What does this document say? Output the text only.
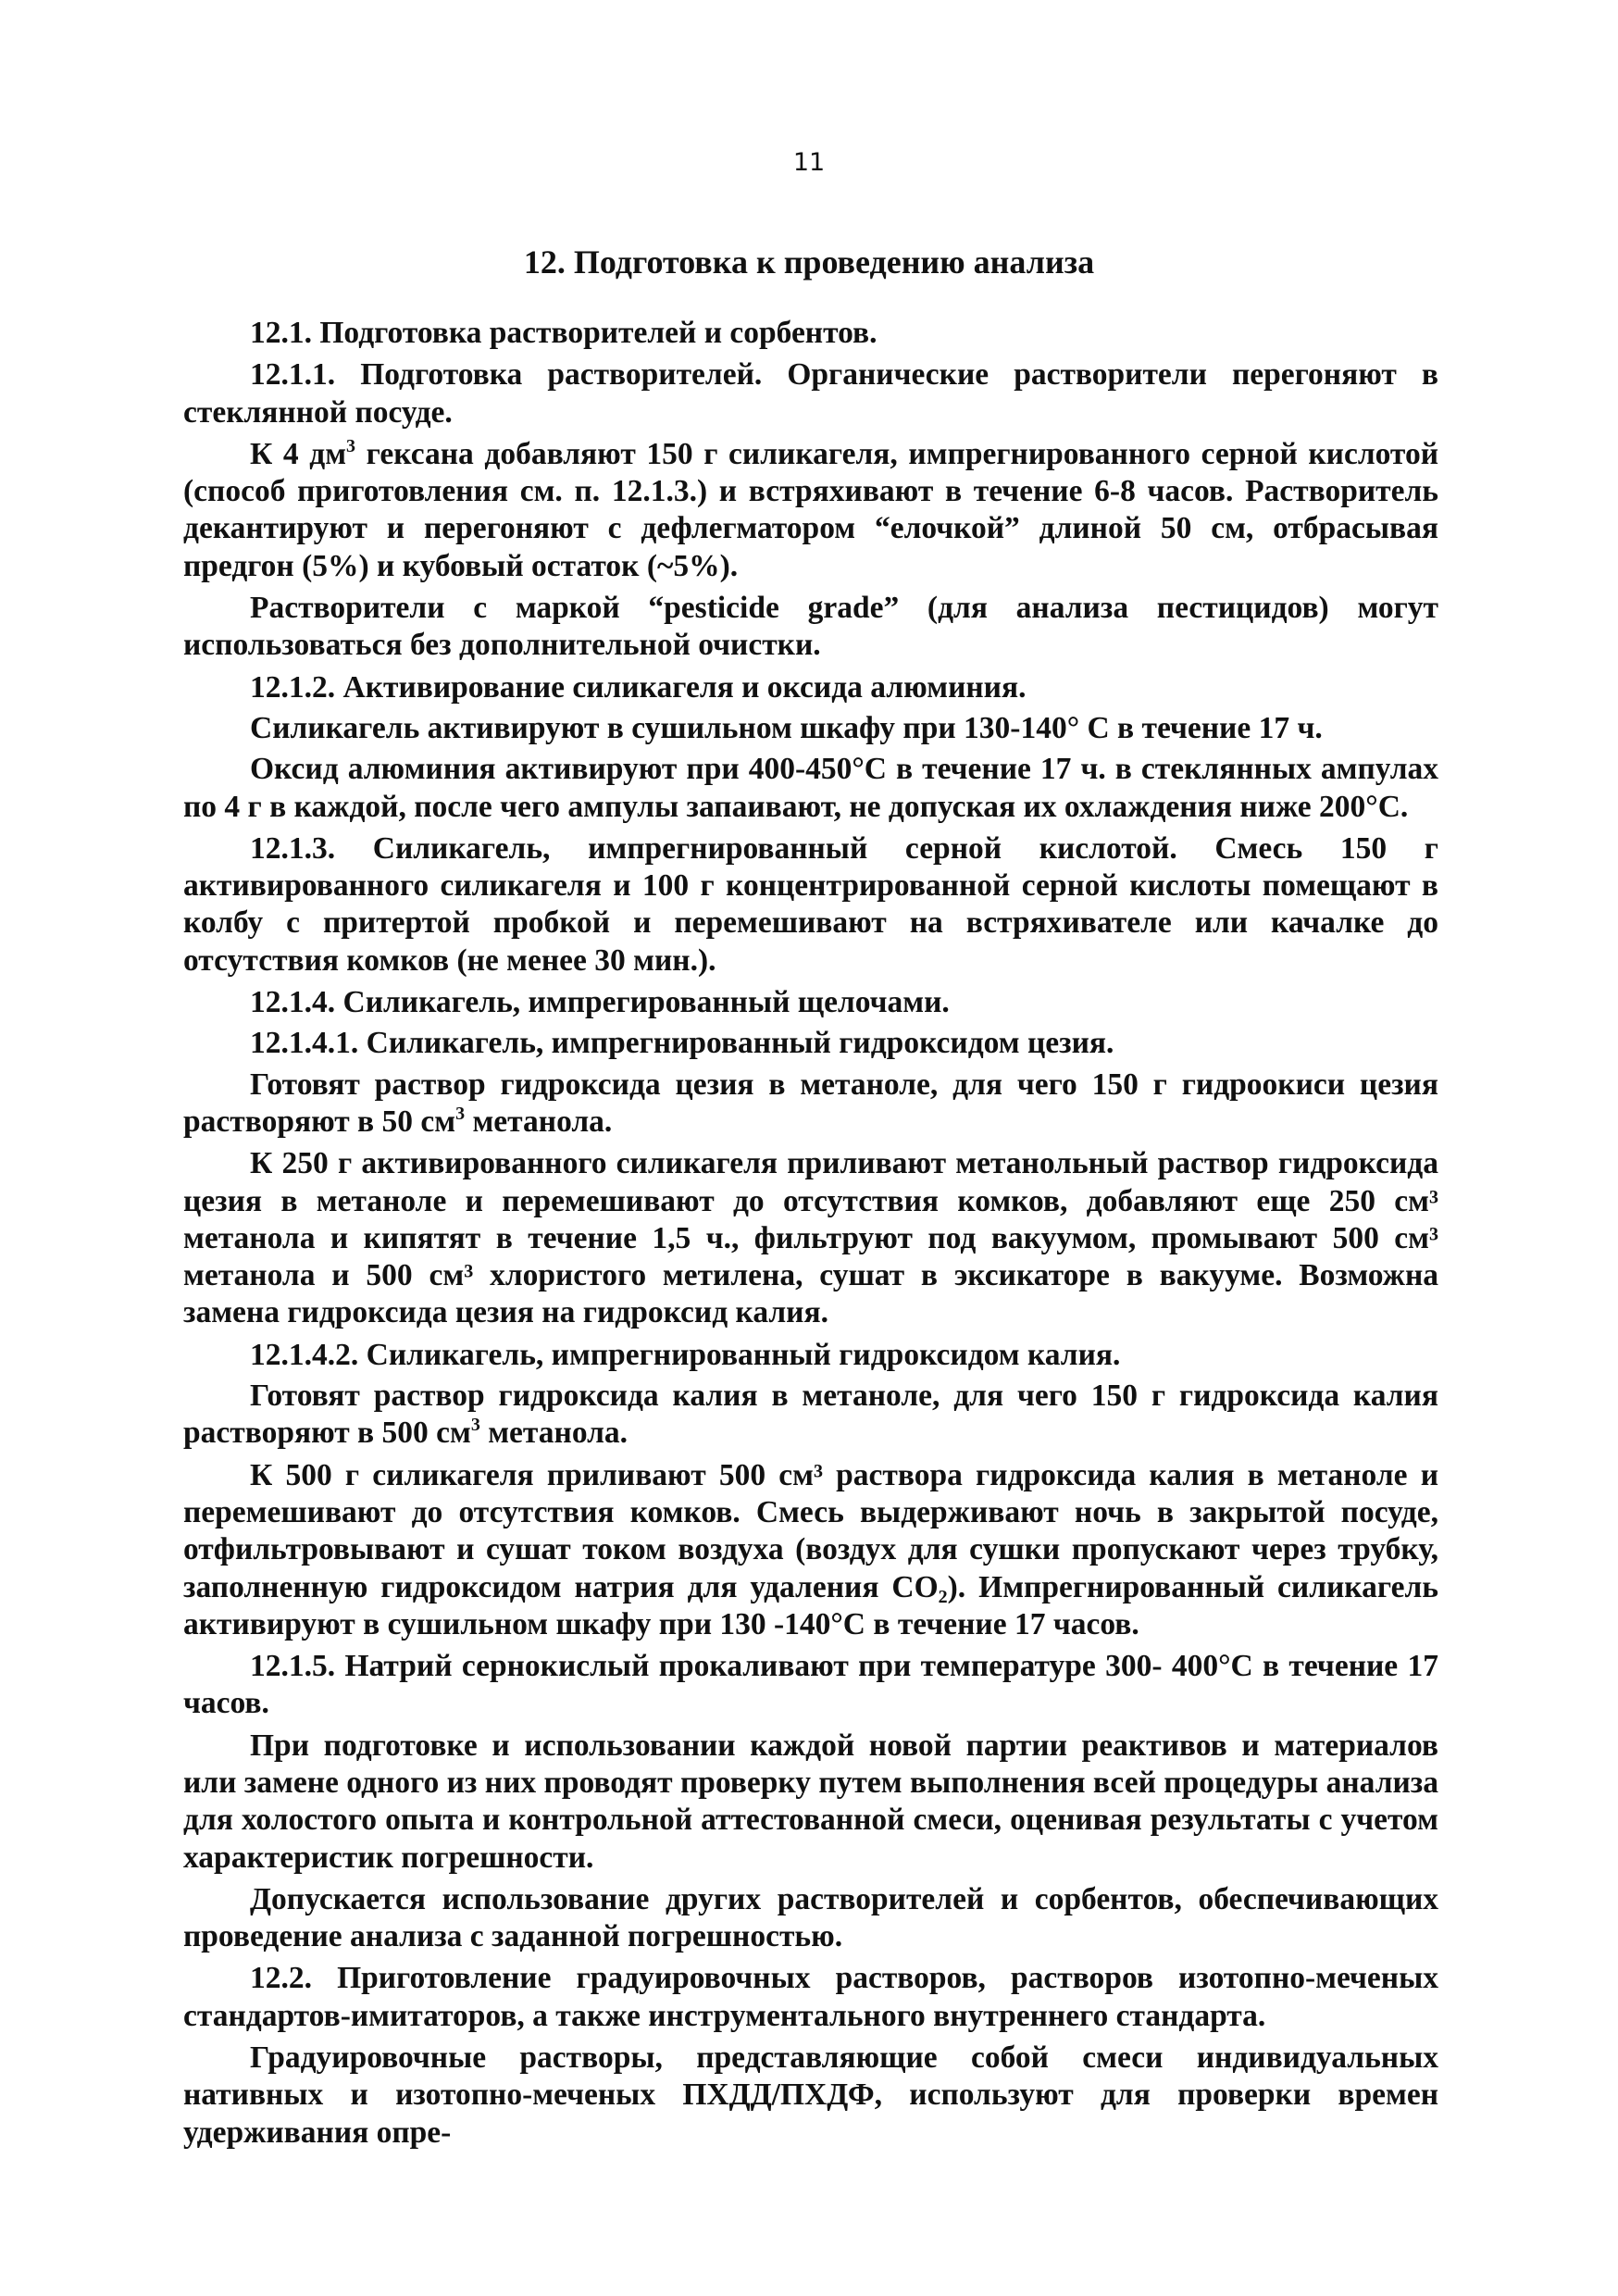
11
12. Подготовка к проведению анализа

12.1. Подготовка растворителей и сорбентов.

12.1.1. Подготовка растворителей. Органические растворители перегоняют в стеклянной посуде.

К 4 $дм^3$ гексана добавляют 150 г силикагеля, импрегнированного серной кислотой (способ приготовления см. п. 12.1.3.) и встряхивают в течение 6-8 часов. Растворитель декантируют и перегоняют с дефлегматором “елочкой” длиной 50 см, отбрасывая предгон (5%) и кубовый остаток (~5%).

Растворители с маркой “pesticide grade” (для анализа пестицидов) могут использоваться без дополнительной очистки.

12.1.2. Активирование силикагеля и оксида алюминия.

Силикагель активируют в сушильном шкафу при 130-140° С в течение 17 ч.

Оксид алюминия активируют при 400-450°С в течение 17 ч. в стеклянных ампулах по 4 г в каждой, после чего ампулы запаивают, не допуская их охлаждения ниже 200°С.

12.1.3. Силикагель, импрегнированный серной кислотой. Смесь 150 г активированного силикагеля и 100 г концентрированной серной кислоты помещают в колбу с притертой пробкой и перемешивают на встряхивателе или качалке до отсутствия комков (не менее 30 мин.).

12.1.4. Силикагель, импрегированный щелочами.

12.1.4.1. Силикагель, импрегнированный гидроксидом цезия.

Готовят раствор гидроксида цезия в метаноле, для чего 150 г гидроокиси цезия растворяют в 50 $см^3$ метанола.

К 250 г активированного силикагеля приливают метанольный раствор гидроксида цезия в метаноле и перемешивают до отсутствия комков, добавляют еще 250 см³ метанола и кипятят в течение 1,5 ч., фильтруют под вакуумом, промывают 500 см³ метанола и 500 см³ хлористого метилена, сушат в эксикаторе в вакууме. Возможна замена гидроксида цезия на гидроксид калия.

12.1.4.2. Силикагель, импрегнированный гидроксидом калия.

Готовят раствор гидроксида калия в метаноле, для чего 150 г гидроксида калия растворяют в 500 $см^3$ метанола.

К 500 г силикагеля приливают 500 см³ раствора гидроксида калия в метаноле и перемешивают до отсутствия комков. Смесь выдерживают ночь в закрытой посуде, отфильтровывают и сушат током воздуха (воздух для сушки пропускают через трубку, заполненную гидроксидом натрия для удаления $СО_2$). Импрегнированный силикагель активируют в сушильном шкафу при 130 -140°С в течение 17 часов.

12.1.5. Натрий сернокислый прокаливают при температуре 300- 400°С в течение 17 часов.

При подготовке и использовании каждой новой партии реактивов и материалов или замене одного из них проводят проверку путем выполнения всей процедуры анализа для холостого опыта и контрольной аттестованной смеси, оценивая результаты с учетом характеристик погрешности.

Допускается использование других растворителей и сорбентов, обеспечивающих проведение анализа с заданной погрешностью.

12.2. Приготовление градуировочных растворов, растворов изотопно-меченых стандартов-имитаторов, а также инструментального внутреннего стандарта.

Градуировочные растворы, представляющие собой смеси индивидуальных нативных и изотопно-меченых ПХДД/ПХДФ, используют для проверки времен удерживания опре-
